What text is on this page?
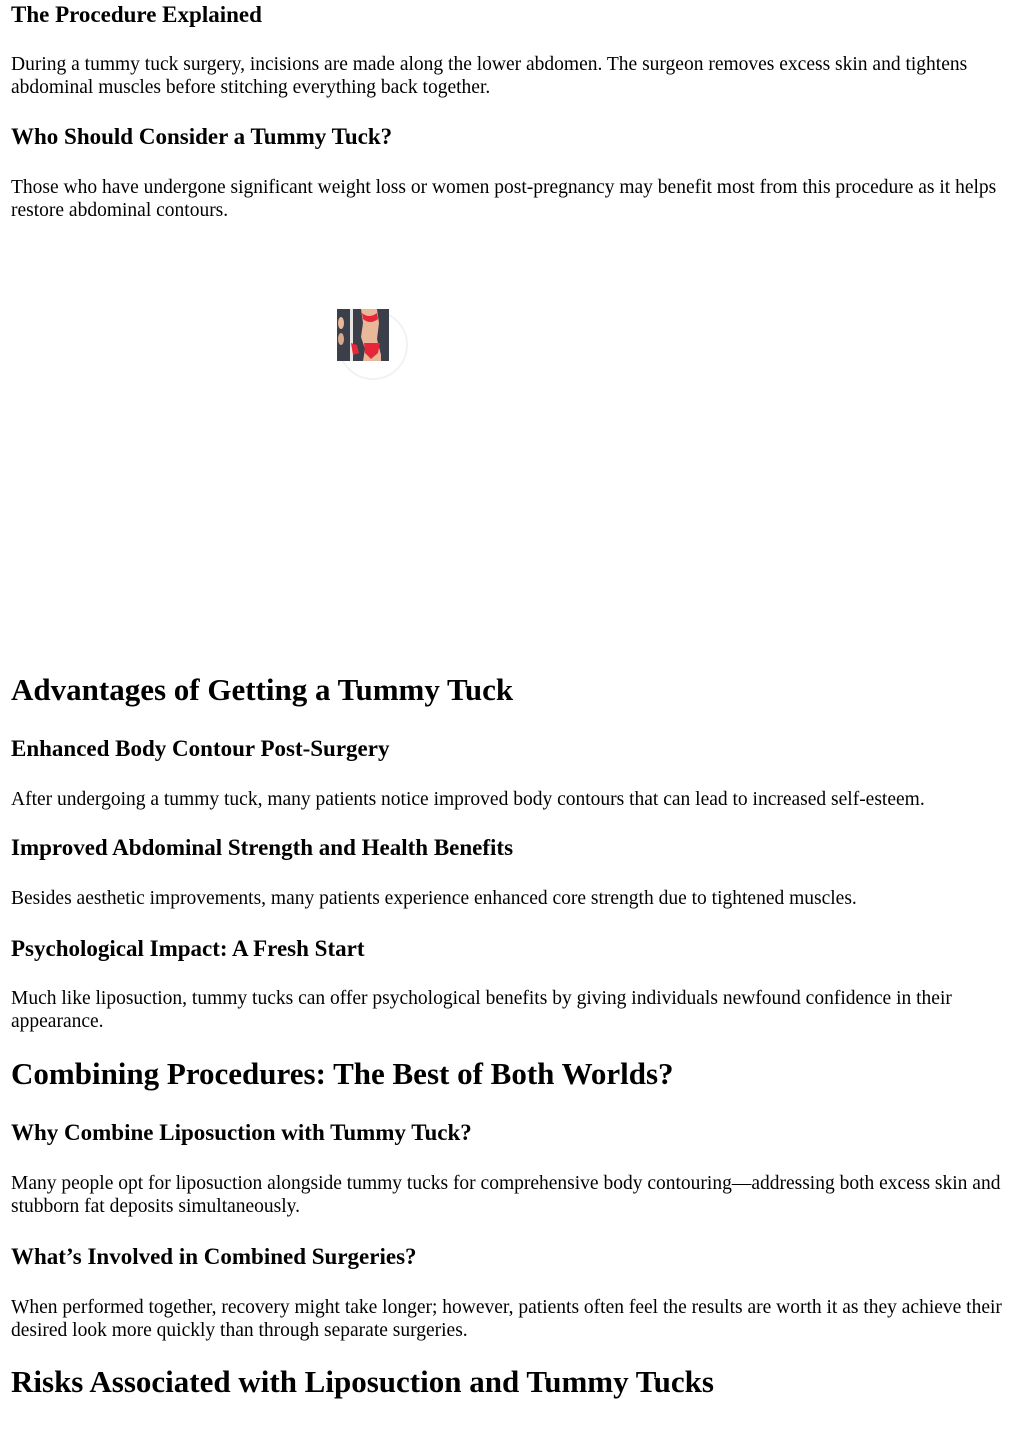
The Procedure Explained

During a tummy tuck surgery, incisions are made along the lower abdomen. The surgeon removes excess skin and tightens abdominal muscles before stitching everything back together.

Who Should Consider a Tummy Tuck?

Those who have undergone significant weight loss or women post-pregnancy may benefit most from this procedure as it helps restore abdominal contours.

Advantages of Getting a Tummy Tuck
Enhanced Body Contour Post-Surgery

After undergoing a tummy tuck, many patients notice improved body contours that can lead to increased self-esteem.

Improved Abdominal Strength and Health Benefits

Besides aesthetic improvements, many patients experience enhanced core strength due to tightened muscles.

Psychological Impact: A Fresh Start

Much like liposuction, tummy tucks can offer psychological benefits by giving individuals newfound confidence in their appearance.

Combining Procedures: The Best of Both Worlds?
Why Combine Liposuction with Tummy Tuck?

Many people opt for liposuction alongside tummy tucks for comprehensive body contouring—addressing both excess skin and stubborn fat deposits simultaneously.

What’s Involved in Combined Surgeries?

When performed together, recovery might take longer; however, patients often feel the results are worth it as they achieve their desired look more quickly than through separate surgeries.

Risks Associated with Liposuction and Tummy Tucks
